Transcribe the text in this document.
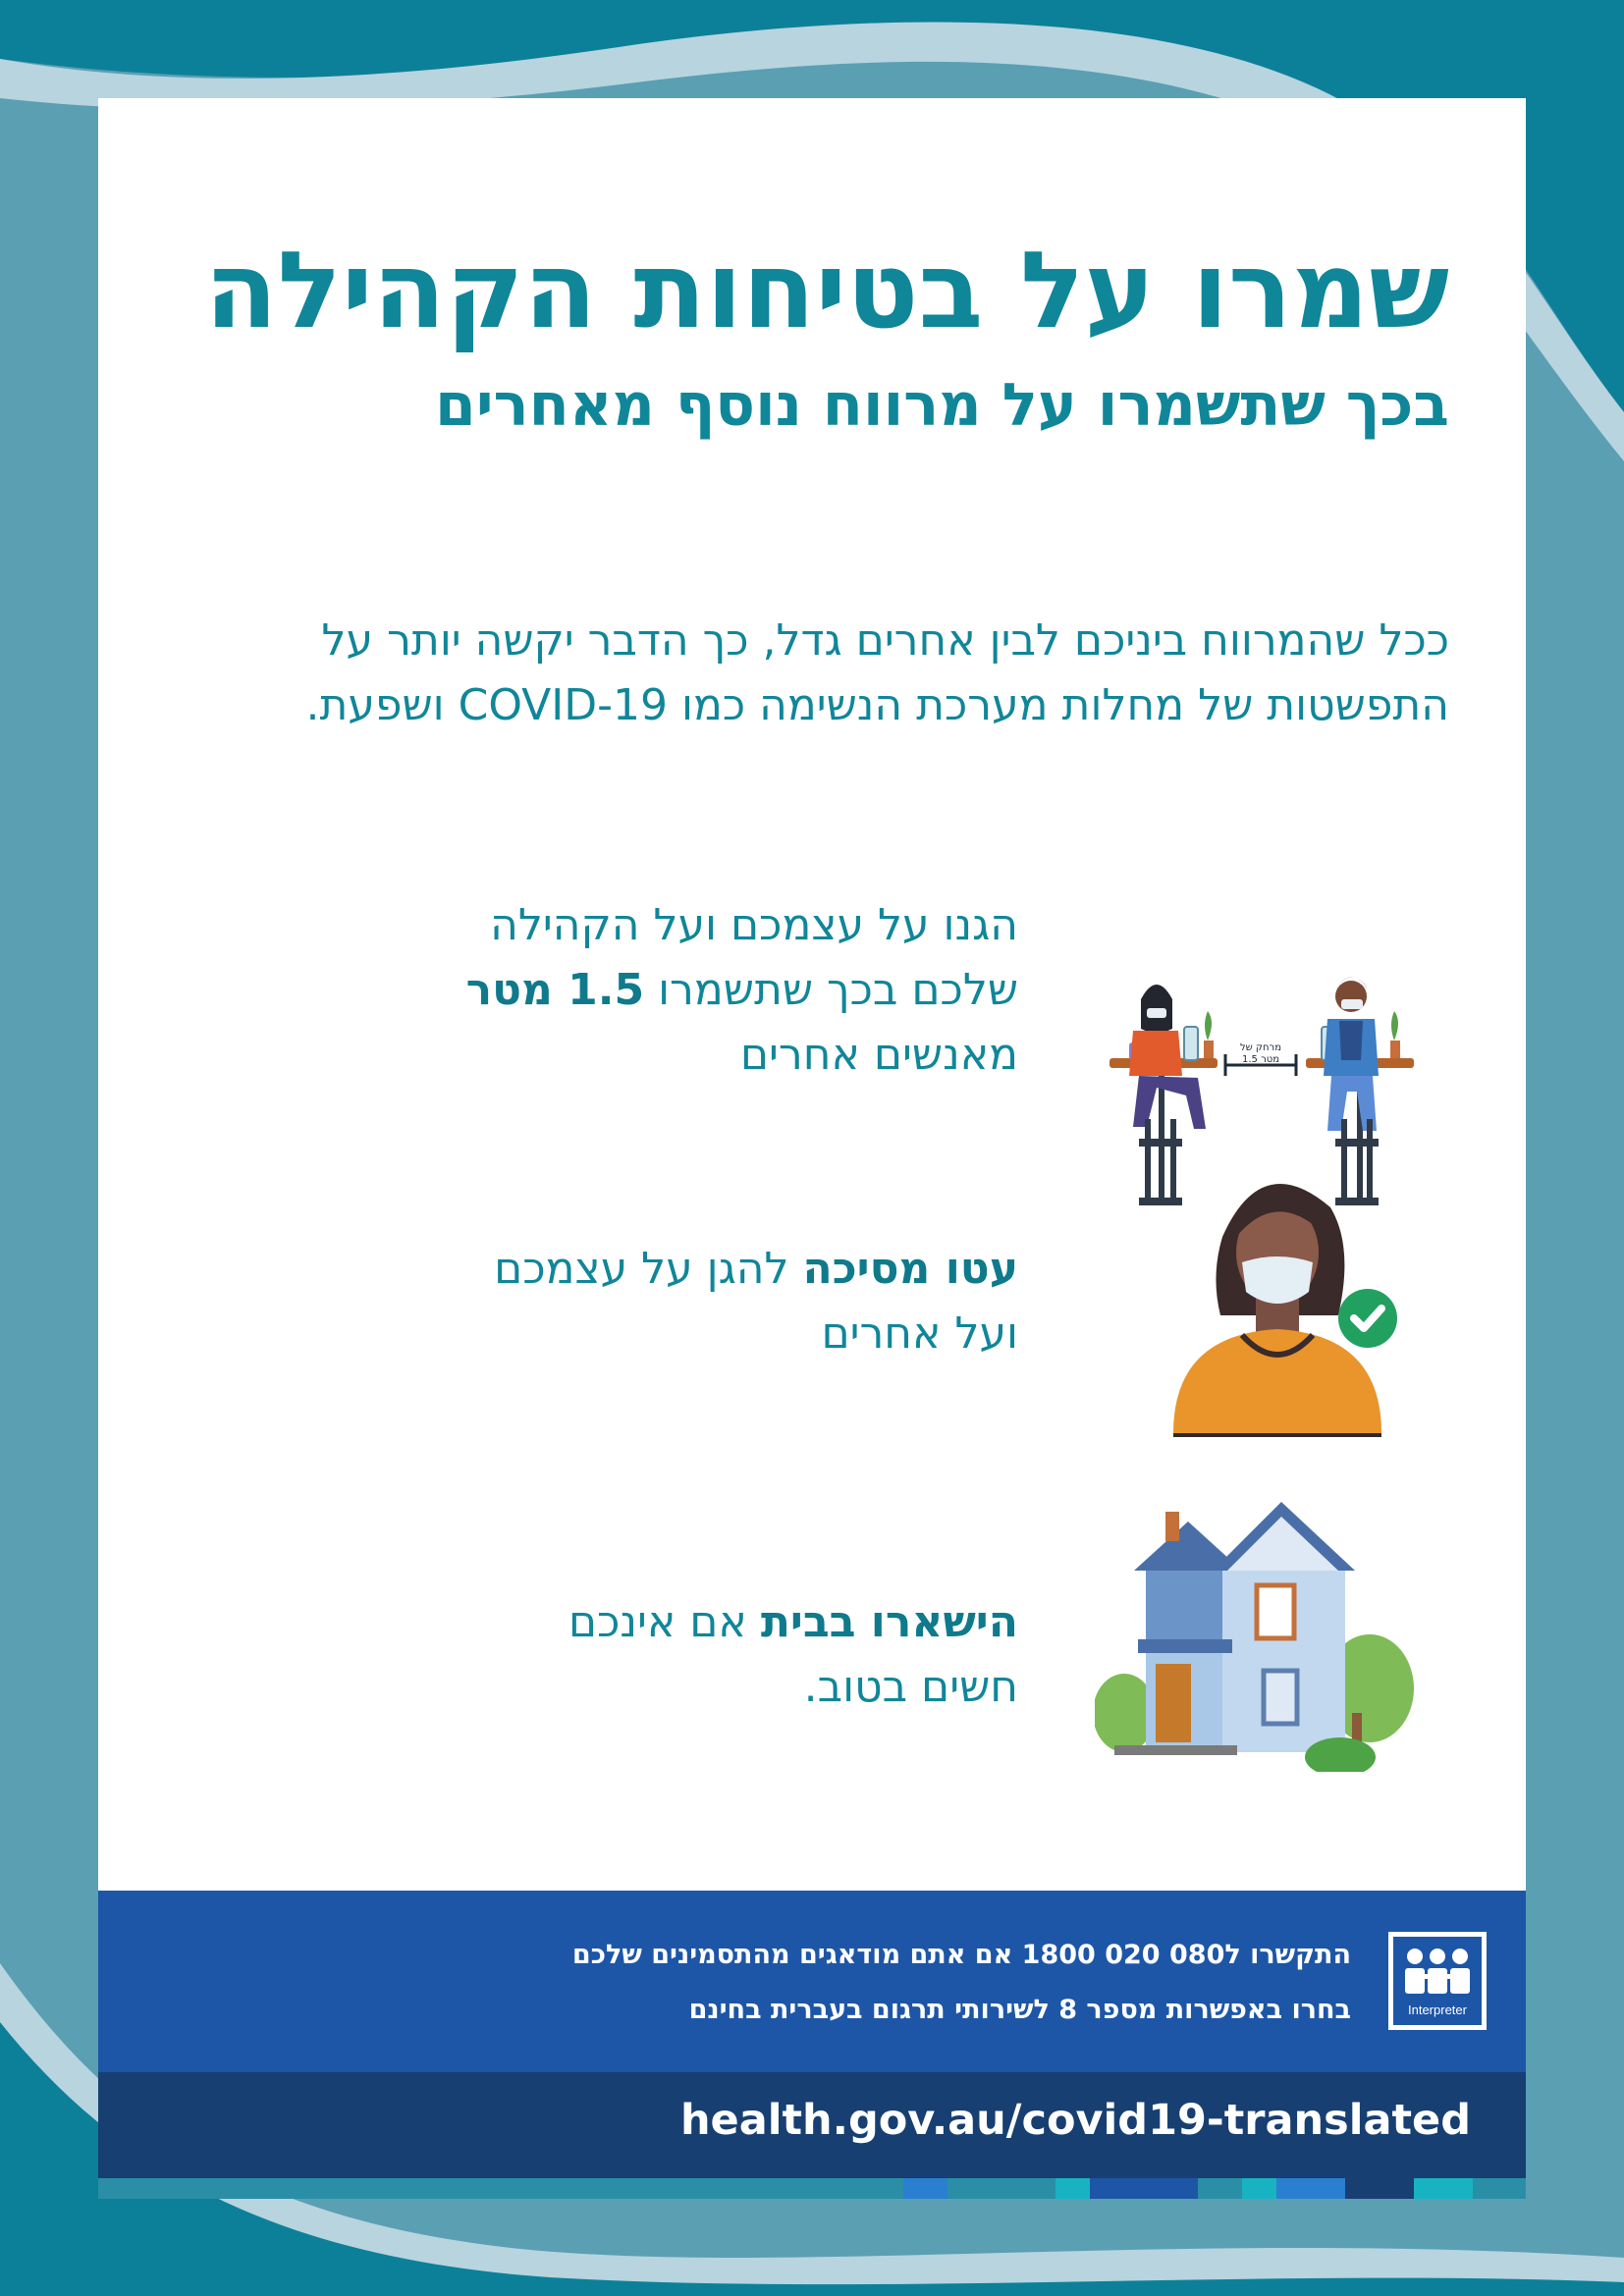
שמרו על בטיחות הקהילה
בכך שתשמרו על מרווח נוסף מאחרים

ככל שהמרווח ביניכם לבין אחרים גדל, כך הדבר יקשה יותר על התפשטות של מחלות מערכת הנשימה כמו COVID-19 ושפעת.

הגנו על עצמכם ועל הקהילה שלכם בכך שתשמרו 1.5 מטר מאנשים אחרים	מרחק של
1.5 מטר

עטו מסיכה להגן על עצמכם ועל אחרים

הישארו בבית אם אינכם חשים בטוב.

Interpreter

התקשרו ל080 020 1800 אם אתם מודאגים מהתסמינים שלכם

בחרו באפשרות מספר 8 לשירותי תרגום בעברית בחינם

health.gov.au/covid19-translated
